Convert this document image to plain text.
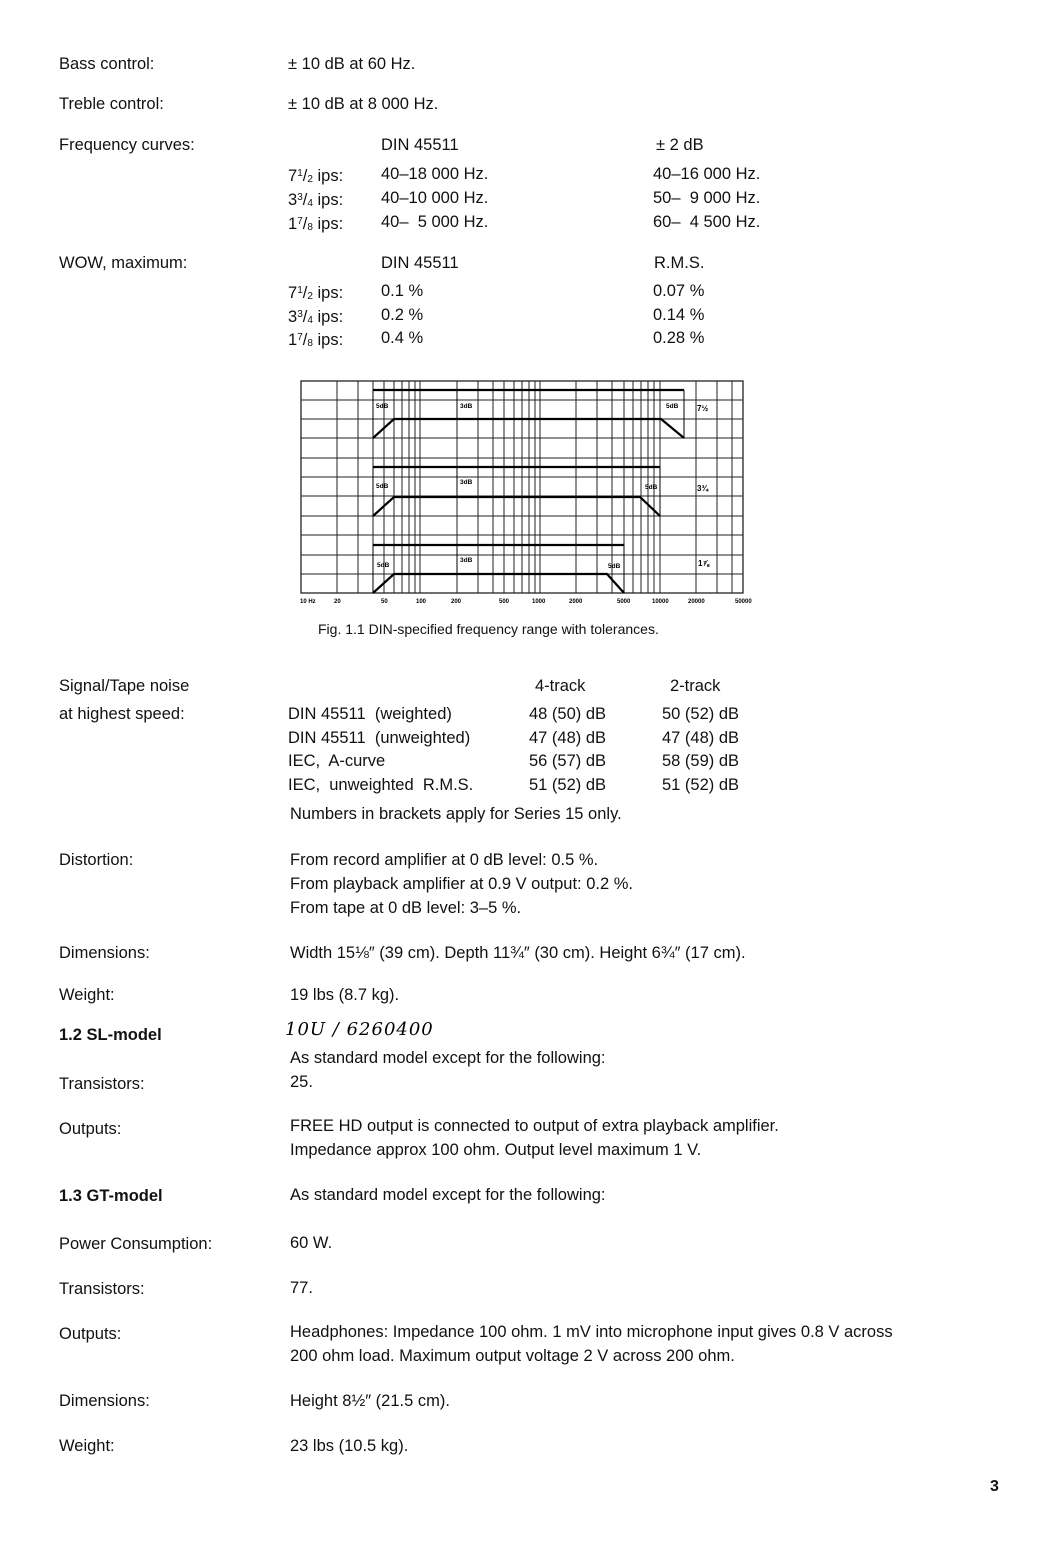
Bass control:	± 10 dB at 60 Hz.
Treble control:	± 10 dB at 8 000 Hz.
Frequency curves:	DIN 45511	± 2 dB
$7^1/2$ ips: 40–18 000 Hz.	40–16 000 Hz.
$3^3/4$ ips: 40–10 000 Hz.	50–  9 000 Hz.
$1^7/8$ ips: 40–  5 000 Hz.	60–  4 500 Hz.
WOW, maximum:	DIN 45511	R.M.S.
$7^1/2$ ips: 0.1 %	0.07 %
$3^3/4$ ips: 0.2 %	0.14 %
$1^7/8$ ips: 0.4 %	0.28 %
5dB	3dB	5dB 7½
5dB
3dB
5dB	3¾
5dB
3dB
5dB	1⅞
10 Hz	20	50	100	200	500	1000	2000	5000	10000	20000	50000
Fig. 1.1 DIN-specified frequency range with tolerances.
Signal/Tape noise
at highest speed:
4-track	2-track
DIN 45511  (weighted)	48 (50) dB	50 (52) dB
DIN 45511  (unweighted)	47 (48) dB	47 (48) dB
IEC,  A-curve	56 (57) dB	58 (59) dB
IEC,  unweighted  R.M.S.	51 (52) dB	51 (52) dB
Numbers in brackets apply for Series 15 only.
Distortion:	From record amplifier at 0 dB level: 0.5 %.
From playback amplifier at 0.9 V output: 0.2 %.
From tape at 0 dB level: 3–5 %.
Dimensions:	Width 15⅛″ (39 cm). Depth 11¾″ (30 cm). Height 6¾″ (17 cm).
Weight:	19 lbs (8.7 kg).
1.2 SL-model	10U / 6260400
As standard model except for the following:
Transistors:	25.
Outputs:	FREE HD output is connected to output of extra playback amplifier.
Impedance approx 100 ohm. Output level maximum 1 V.
1.3 GT-model	As standard model except for the following:
Power Consumption:	60 W.
Transistors:	77.
Outputs:	Headphones: Impedance 100 ohm. 1 mV into microphone input gives 0.8 V across
200 ohm load. Maximum output voltage 2 V across 200 ohm.
Dimensions:	Height 8½″ (21.5 cm).
Weight:	23 lbs (10.5 kg).
3
